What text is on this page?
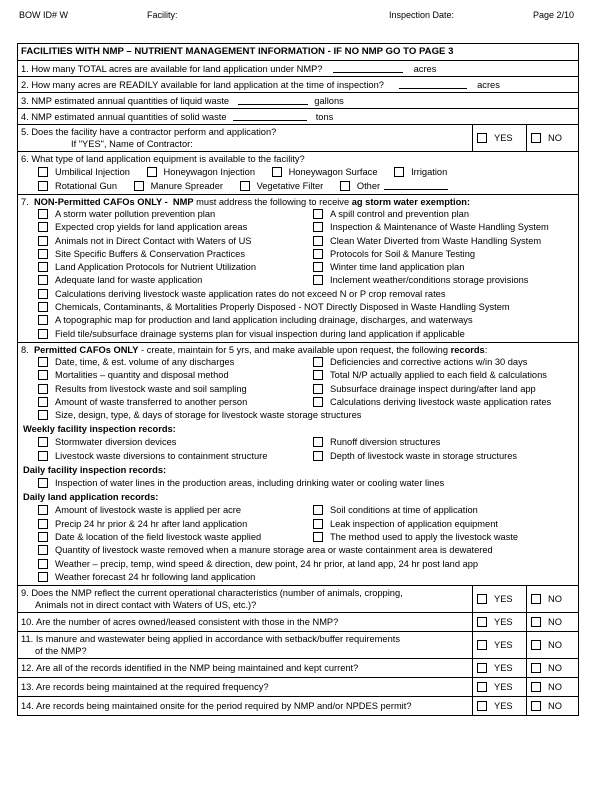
BOW ID# W	Facility:	Inspection Date:	Page 2/10
FACILITIES WITH NMP – NUTRIENT MANAGEMENT INFORMATION - IF NO NMP GO TO PAGE 3
1. How many TOTAL acres are available for land application under NMP?	acres
2. How many acres are READILY available for land application at the time of inspection?	acres
3. NMP estimated annual quantities of liquid waste	gallons
4. NMP estimated annual quantities of solid waste	tons
5. Does the facility have a contractor perform and application?
If "YES", Name of Contractor:
YES	NO
6. What type of land application equipment is available to the facility?
Umbilical Injection	Honeywagon Injection	Honeywagon Surface	Irrigation
Rotational Gun	Manure Spreader	Vegetative Filter	Other
7. NON-Permitted CAFOs ONLY - NMP must address the following to receive ag storm water exemption:
A storm water pollution prevention plan	A spill control and prevention plan
Expected crop yields for land application areas	Inspection & Maintenance of Waste Handling System
Animals not in Direct Contact with Waters of US	Clean Water Diverted from Waste Handling System
Site Specific Buffers & Conservation Practices	Protocols for Soil & Manure Testing
Land Application Protocols for Nutrient Utilization	Winter time land application plan
Adequate land for waste application	Inclement weather/conditions storage provisions
Calculations deriving livestock waste application rates do not exceed N or P crop removal rates
Chemicals, Contaminants, & Mortalities Properly Disposed - NOT Directly Disposed in Waste Handling System
A topographic map for production and land application including drainage, discharges, and waterways
Field tile/subsurface drainage systems plan for visual inspection during land application if applicable
8. Permitted CAFOs ONLY - create, maintain for 5 yrs, and make available upon request, the following records:
Date, time, & est. volume of any discharges	Deficiencies and corrective actions w/in 30 days
Mortalities – quantity and disposal method	Total N/P actually applied to each field & calculations
Results from livestock waste and soil sampling	Subsurface drainage inspect during/after land app
Amount of waste transferred to another person	Calculations deriving livestock waste application rates
Size, design, type, & days of storage for livestock waste storage structures
Weekly facility inspection records:
Stormwater diversion devices	Runoff diversion structures
Livestock waste diversions to containment structure	Depth of livestock waste in storage structures
Daily facility inspection records:
Inspection of water lines in the production areas, including drinking water or cooling water lines
Daily land application records:
Amount of livestock waste is applied per acre	Soil conditions at time of application
Precip 24 hr prior & 24 hr after land application	Leak inspection of application equipment
Date & location of the field livestock waste applied	The method used to apply the livestock waste
Quantity of livestock waste removed when a manure storage area or waste containment area is dewatered
Weather – precip, temp, wind speed & direction, dew point, 24 hr prior, at land app, 24 hr post land app
Weather forecast 24 hr following land application
9. Does the NMP reflect the current operational characteristics (number of animals, cropping,
Animals not in direct contact with Waters of US, etc.)?
YES	NO
10. Are the number of acres owned/leased consistent with those in the NMP?	YES	NO
11. Is manure and wastewater being applied in accordance with setback/buffer requirements
of the NMP?
YES	NO
12. Are all of the records identified in the NMP being maintained and kept current?	YES	NO
13. Are records being maintained at the required frequency?	YES	NO
14. Are records being maintained onsite for the period required by NMP and/or NPDES permit?	YES	NO
